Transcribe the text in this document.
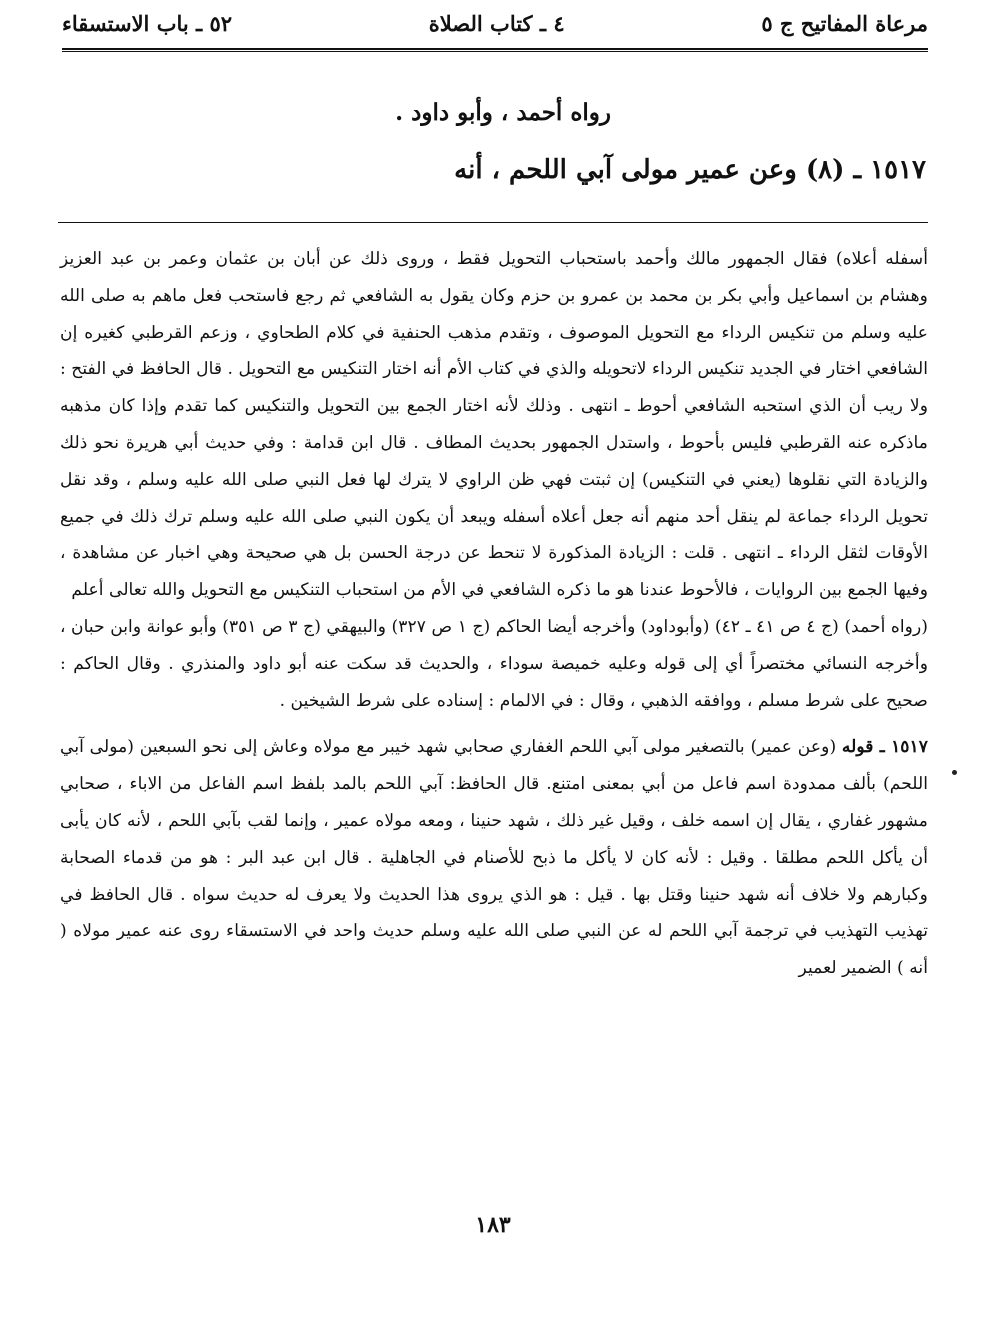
مرعاة المفاتيح ج ٥
٤ ـ كتاب الصلاة
٥٢ ـ باب الاستسقاء
رواه أحمد ، وأبو داود .
١٥١٧ ـ (٨) وعن عمير مولى آبي اللحم ، أنه

أسفله أعلاه) فقال الجمهور مالك وأحمد باستحباب التحويل فقط ، وروى ذلك عن أبان بن عثمان وعمر بن عبد العزيز وهشام بن اسماعيل وأبي بكر بن محمد بن عمرو بن حزم وكان يقول به الشافعي ثم رجع فاستحب فعل ماهم به صلى الله عليه وسلم من تنكيس الرداء مع التحويل الموصوف ، وتقدم مذهب الحنفية في كلام الطحاوي ، وزعم القرطبي كغيره إن الشافعي اختار في الجديد تنكيس الرداء لاتحويله والذي في كتاب الأم أنه اختار التنكيس مع التحويل . قال الحافظ في الفتح : ولا ريب أن الذي استحبه الشافعي أحوط ـ انتهى . وذلك لأنه اختار الجمع بين التحويل والتنكيس كما تقدم وإذا كان مذهبه ماذكره عنه القرطبي فليس بأحوط ، واستدل الجمهور بحديث المطاف . قال ابن قدامة : وفي حديث أبي هريرة نحو ذلك والزيادة التي نقلوها (يعني في التنكيس) إن ثبتت فهي ظن الراوي لا يترك لها فعل النبي صلى الله عليه وسلم ، وقد نقل تحويل الرداء جماعة لم ينقل أحد منهم أنه جعل أعلاه أسفله ويبعد أن يكون النبي صلى الله عليه وسلم ترك ذلك في جميع الأوقات لثقل الرداء ـ انتهى . قلت : الزيادة المذكورة لا تنحط عن درجة الحسن بل هي صحيحة وهي اخبار عن مشاهدة ، وفيها الجمع بين الروايات ، فالأحوط عندنا هو ما ذكره الشافعي في الأم من استحباب التنكيس مع التحويل والله تعالى أعلم

(رواه أحمد) (ج ٤ ص ٤١ ـ ٤٢) (وأبوداود) وأخرجه أيضا الحاكم (ج ١ ص ٣٢٧) والبيهقي (ج ٣ ص ٣٥١) وأبو عوانة وابن حبان ، وأخرجه النسائي مختصراً أي إلى قوله وعليه خميصة سوداء ، والحديث قد سكت عنه أبو داود والمنذري . وقال الحاكم : صحيح على شرط مسلم ، ووافقه الذهبي ، وقال : في الالمام : إسناده على شرط الشيخين .

١٥١٧ ـ قوله (وعن عمير) بالتصغير مولى آبي اللحم الغفاري صحابي شهد خيبر مع مولاه وعاش إلى نحو السبعين (مولى آبي اللحم) بألف ممدودة اسم فاعل من أبي بمعنى امتنع. قال الحافظ: آبي اللحم بالمد بلفظ اسم الفاعل من الاباء ، صحابي مشهور غفاري ، يقال إن اسمه خلف ، وقيل غير ذلك ، شهد حنينا ، ومعه مولاه عمير ، وإنما لقب بآبي اللحم ، لأنه كان يأبى أن يأكل اللحم مطلقا . وقيل : لأنه كان لا يأكل ما ذبح للأصنام في الجاهلية . قال ابن عبد البر : هو من قدماء الصحابة وكبارهم ولا خلاف أنه شهد حنينا وقتل بها . قيل : هو الذي يروى هذا الحديث ولا يعرف له حديث سواه . قال الحافظ في تهذيب التهذيب في ترجمة آبي اللحم له عن النبي صلى الله عليه وسلم حديث واحد في الاستسقاء روى عنه عمير مولاه ( أنه ) الضمير لعمير

١٨٣
